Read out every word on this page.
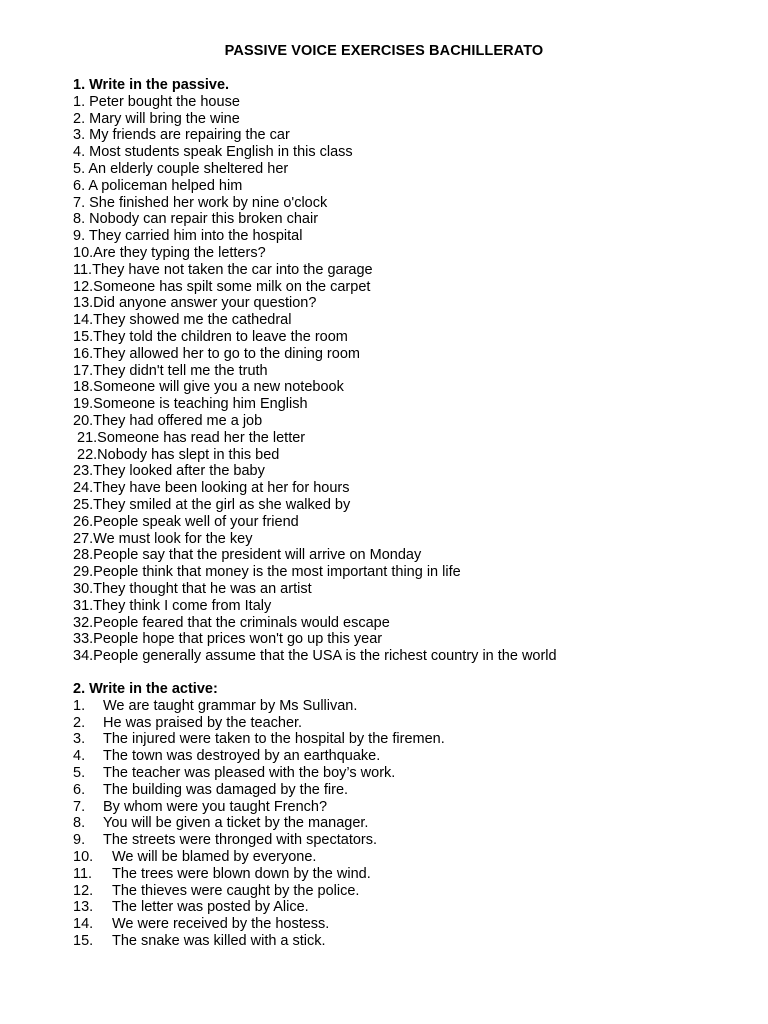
PASSIVE VOICE EXERCISES BACHILLERATO
1. Write in the passive.
1. Peter bought the house
2. Mary will bring the wine
3. My friends are repairing the car
4. Most students speak English in this class
5. An elderly couple sheltered her
6. A policeman helped him
7. She finished her work by nine o'clock
8. Nobody can repair this broken chair
9. They carried him into the hospital
10.Are they typing the letters?
11.They have not taken the car into the garage
12.Someone has spilt some milk on the carpet
13.Did anyone answer your question?
14.They showed me the cathedral
15.They told the children to leave the room
16.They allowed her to go to the dining room
17.They didn't tell me the truth
18.Someone will give you a new notebook
19.Someone is teaching him English
20.They had offered me a job
21.Someone has read her the letter
22.Nobody has slept in this bed
23.They looked after the baby
24.They have been looking at her for hours
25.They smiled at the girl as she walked by
26.People speak well of your friend
27.We must look for the key
28.People say that the president will arrive on Monday
29.People think that money is the most important thing in life
30.They thought that he was an artist
31.They think I come from Italy
32.People feared that the criminals would escape
33.People hope that prices won't go up this year
34.People generally assume that the USA is the richest country in the world
2. Write in the active:
1. We are taught grammar by Ms Sullivan.
2. He was praised by the teacher.
3. The injured were taken to the hospital by the firemen.
4. The town was destroyed by an earthquake.
5. The teacher was pleased with the boy’s work.
6. The building was damaged by the fire.
7. By whom were you taught French?
8. You will be given a ticket by the manager.
9. The streets were thronged with spectators.
10. We will be blamed by everyone.
11. The trees were blown down by the wind.
12. The thieves were caught by the police.
13. The letter was posted by Alice.
14. We were received by the hostess.
15. The snake was killed with a stick.
